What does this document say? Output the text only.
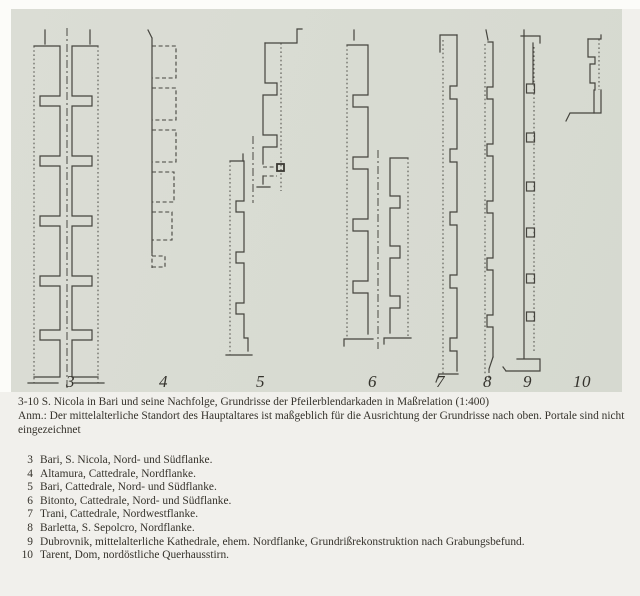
3	4	5	6	7 8 9 10

3-10 S. Nicola in Bari und seine Nachfolge, Grundrisse der Pfeilerblendarkaden in Maßrelation (1:400)

Anm.: Der mittelalterliche Standort des Hauptaltares ist maßgeblich für die Ausrichtung der Grundrisse nach oben. Portale sind nicht

eingezeichnet

3 Bari, S. Nicola, Nord- und Südflanke.
4 Altamura, Cattedrale, Nordflanke.
5 Bari, Cattedrale, Nord- und Südflanke.
6 Bitonto, Cattedrale, Nord- und Südflanke.
7 Trani, Cattedrale, Nordwestflanke.
8 Barletta, S. Sepolcro, Nordflanke.
9 Dubrovnik, mittelalterliche Kathedrale, ehem. Nordflanke, Grundrißrekonstruktion nach Grabungsbefund.
10 Tarent, Dom, nordöstliche Querhausstirn.
